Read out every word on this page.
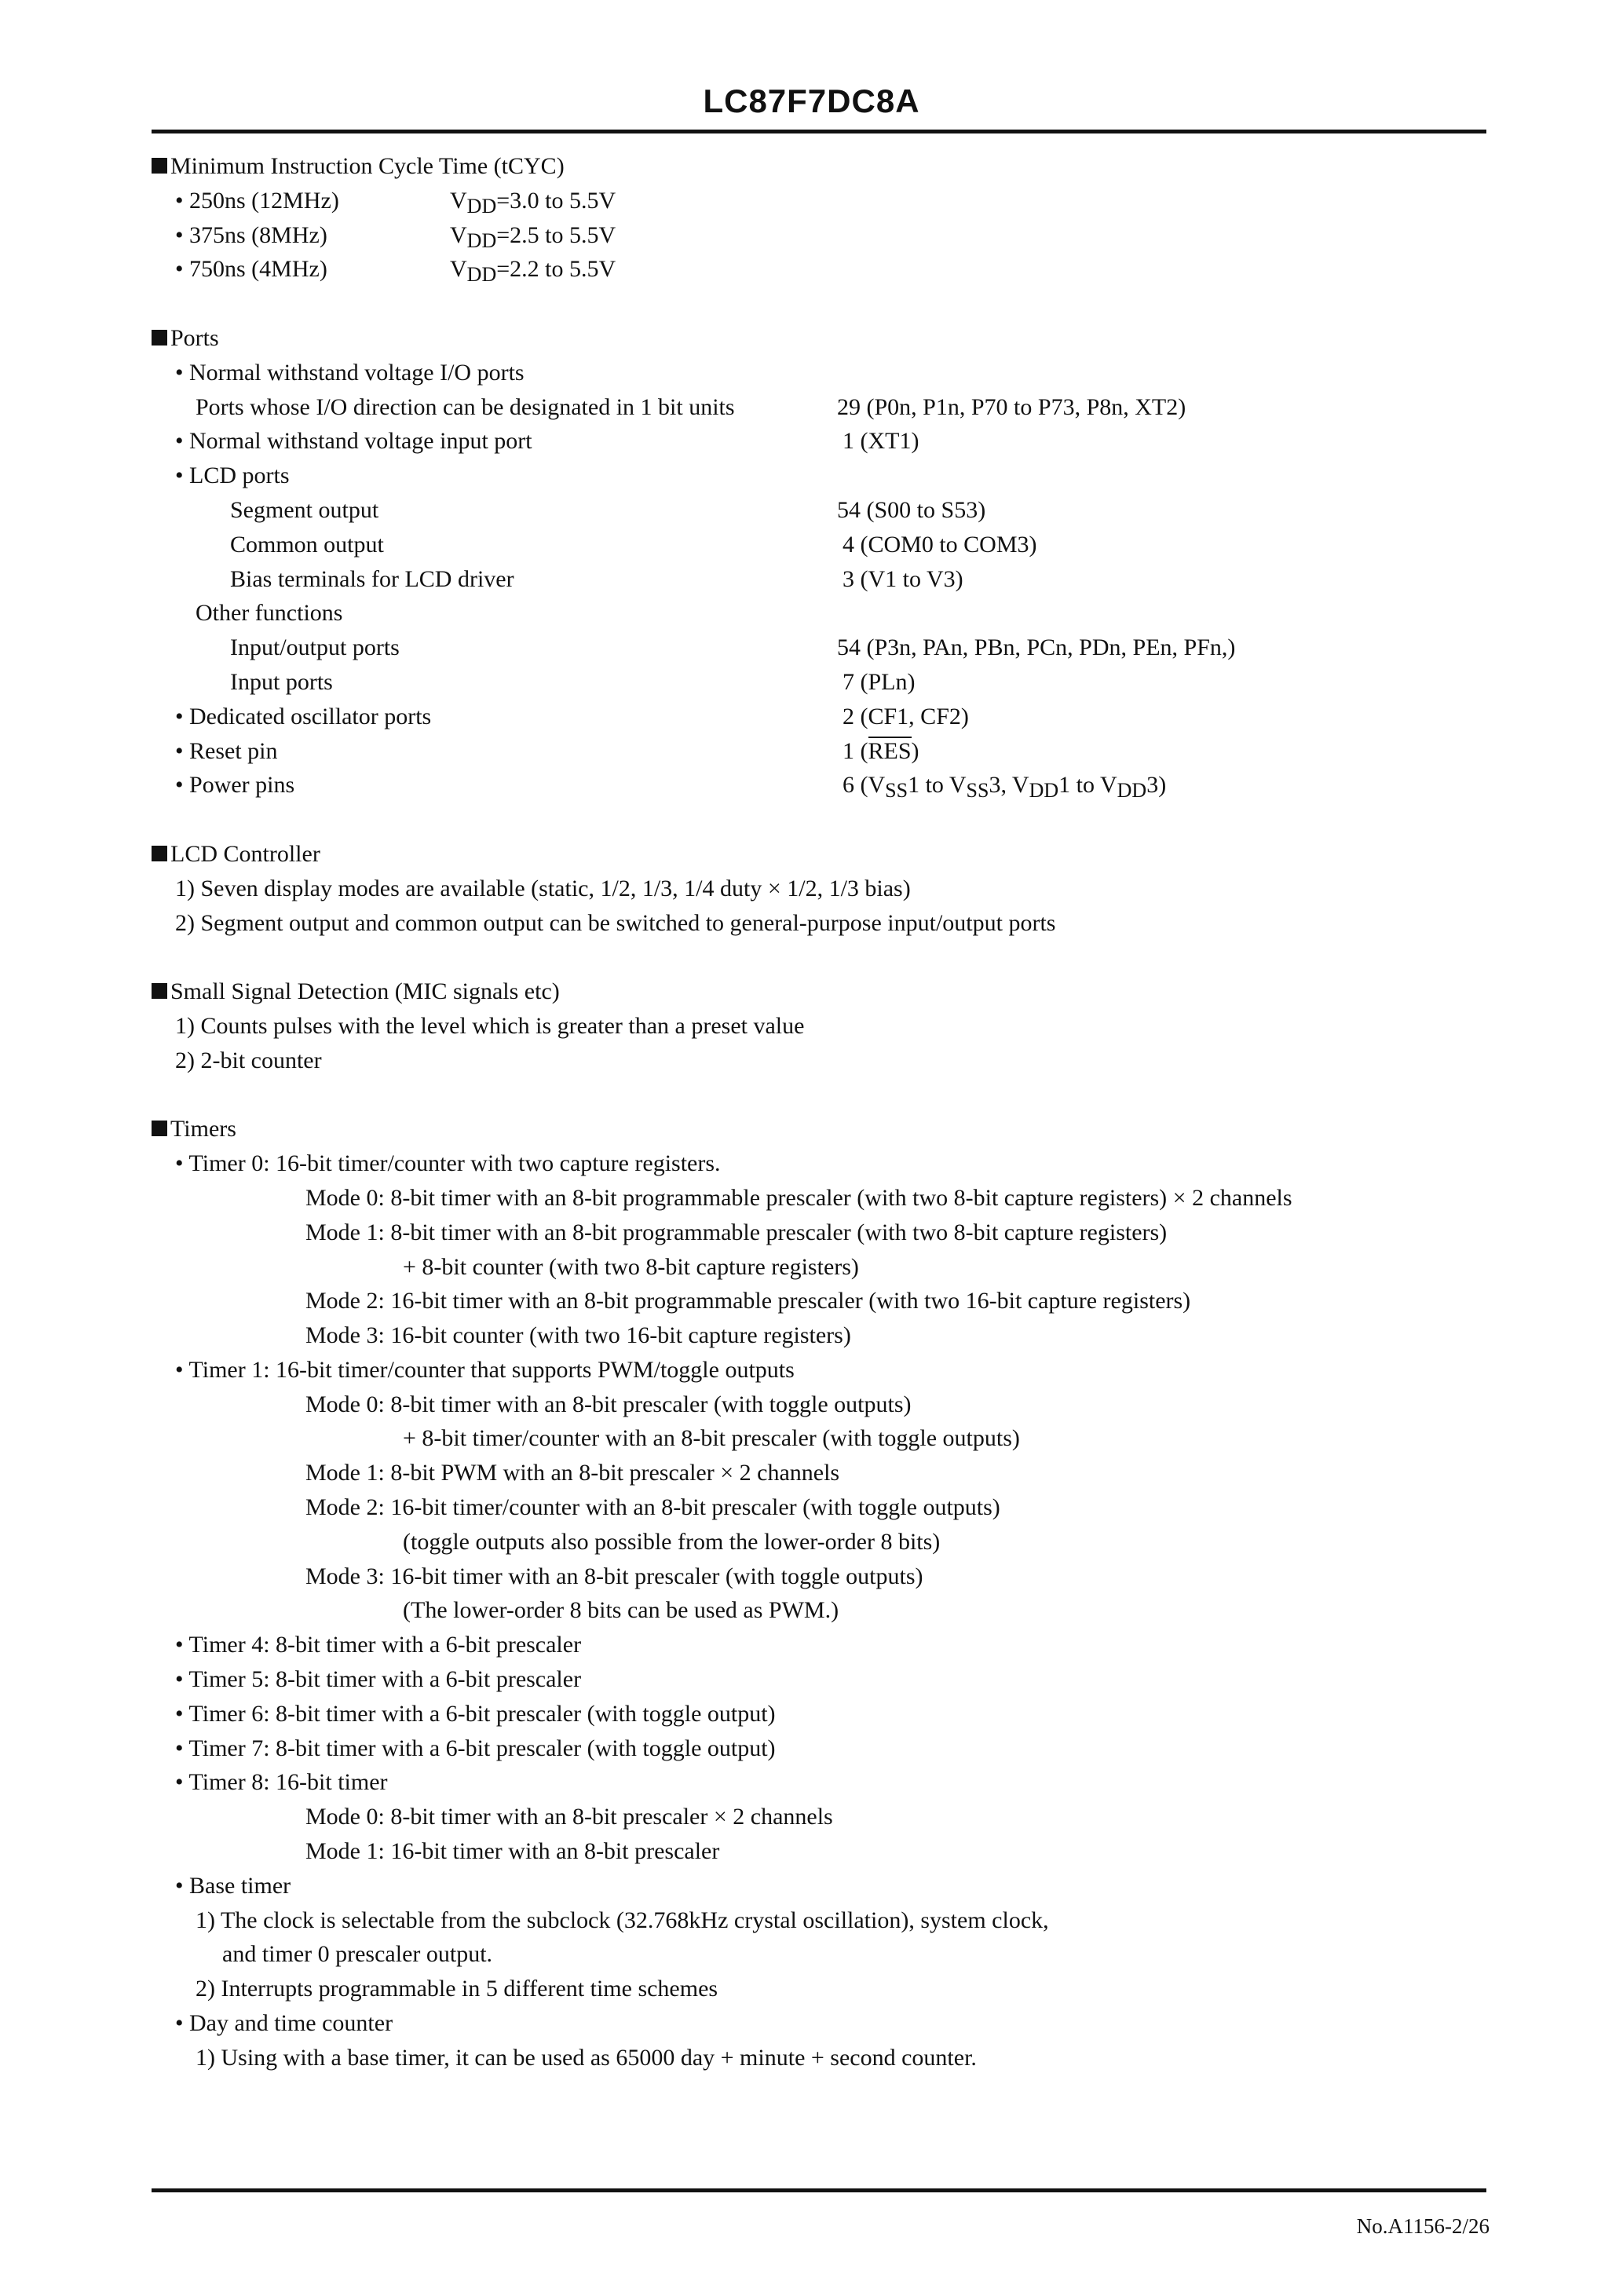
LC87F7DC8A
Minimum Instruction Cycle Time (tCYC)
• 250ns (12MHz)	VDD=3.0 to 5.5V
• 375ns (8MHz)	VDD=2.5 to 5.5V
• 750ns (4MHz)	VDD=2.2 to 5.5V
Ports
• Normal withstand voltage I/O ports
Ports whose I/O direction can be designated in 1 bit units	29 (P0n, P1n, P70 to P73, P8n, XT2)
• Normal withstand voltage input port	1 (XT1)
• LCD ports
Segment output	54 (S00 to S53)
Common output	4 (COM0 to COM3)
Bias terminals for LCD driver	3 (V1 to V3)
Other functions
Input/output ports	54 (P3n, PAn, PBn, PCn, PDn, PEn, PFn,)
Input ports	7 (PLn)
• Dedicated oscillator ports	2 (CF1, CF2)
• Reset pin	1 (RES)
• Power pins	6 (VSS1 to VSS3, VDD1 to VDD3)
LCD Controller
1) Seven display modes are available (static, 1/2, 1/3, 1/4 duty × 1/2, 1/3 bias)
2) Segment output and common output can be switched to general-purpose input/output ports
Small Signal Detection (MIC signals etc)
1) Counts pulses with the level which is greater than a preset value
2) 2-bit counter
Timers
• Timer 0: 16-bit timer/counter with two capture registers.
Mode 0: 8-bit timer with an 8-bit programmable prescaler (with two 8-bit capture registers) × 2 channels
Mode 1: 8-bit timer with an 8-bit programmable prescaler (with two 8-bit capture registers)
+ 8-bit counter (with two 8-bit capture registers)
Mode 2: 16-bit timer with an 8-bit programmable prescaler (with two 16-bit capture registers)
Mode 3: 16-bit counter (with two 16-bit capture registers)
• Timer 1: 16-bit timer/counter that supports PWM/toggle outputs
Mode 0: 8-bit timer with an 8-bit prescaler (with toggle outputs)
+ 8-bit timer/counter with an 8-bit prescaler (with toggle outputs)
Mode 1: 8-bit PWM with an 8-bit prescaler × 2 channels
Mode 2: 16-bit timer/counter with an 8-bit prescaler (with toggle outputs)
(toggle outputs also possible from the lower-order 8 bits)
Mode 3: 16-bit timer with an 8-bit prescaler (with toggle outputs)
(The lower-order 8 bits can be used as PWM.)
• Timer 4: 8-bit timer with a 6-bit prescaler
• Timer 5: 8-bit timer with a 6-bit prescaler
• Timer 6: 8-bit timer with a 6-bit prescaler (with toggle output)
• Timer 7: 8-bit timer with a 6-bit prescaler (with toggle output)
• Timer 8: 16-bit timer
Mode 0: 8-bit timer with an 8-bit prescaler × 2 channels
Mode 1: 16-bit timer with an 8-bit prescaler
• Base timer
1) The clock is selectable from the subclock (32.768kHz crystal oscillation), system clock,
and timer 0 prescaler output.
2) Interrupts programmable in 5 different time schemes
• Day and time counter
1) Using with a base timer, it can be used as 65000 day + minute + second counter.
No.A1156-2/26
